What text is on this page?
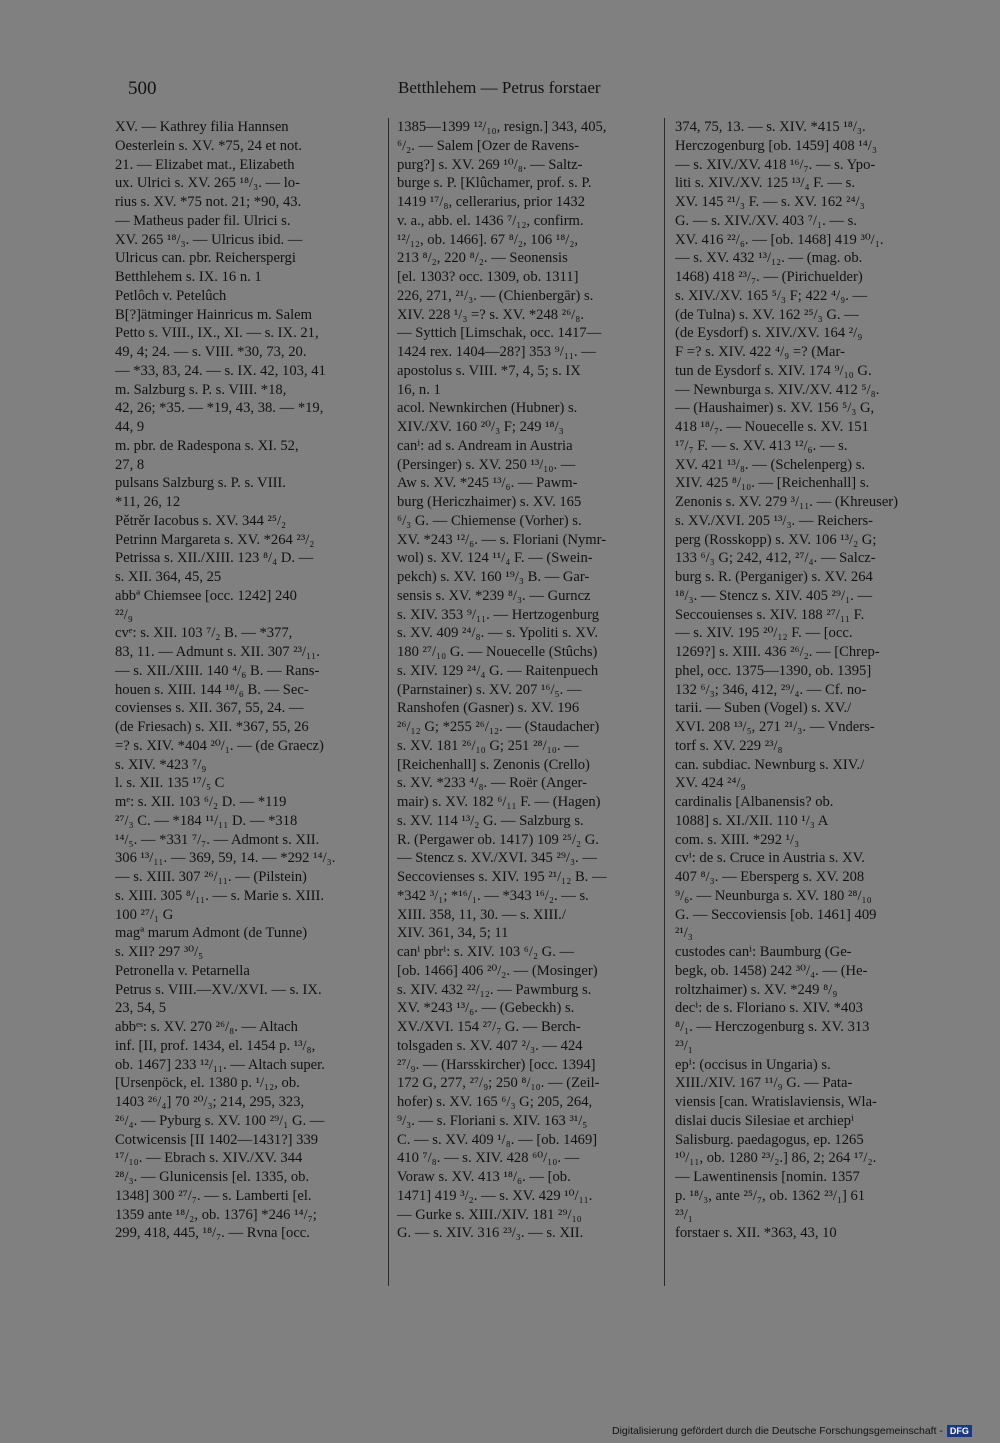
500	Betthlehem — Petrus forstaer
XV. — Kathrey filia Hannsen
Oesterlein s. XV. *75, 24 et not.
21. — Elizabet mat., Elizabeth
ux. Ulrici s. XV. 265 ¹⁸/₃. — lo-
rius s. XV. *75 not. 21; *90, 43.
— Matheus pader fil. Ulrici s.
XV. 265 ¹⁸/₃. — Ulricus ibid. —
Ulricus can. pbr. Reicherspergi
Betthlehem s. IX. 16 n. 1
Petlôch v. Petelûch
B[?]ätminger Hainricus m. Salem
Petto s. VIII., IX., XI. — s. IX. 21,
49, 4; 24. — s. VIII. *30, 73, 20.
— *33, 83, 24. — s. IX. 42, 103, 41
m. Salzburg s. P. s. VIII. *18,
42, 26; *35. — *19, 43, 38. — *19,
44, 9
m. pbr. de Radespona s. XI. 52,
27, 8
pulsans Salzburg s. P. s. VIII.
*11, 26, 12
Pětrěr Iacobus s. XV. 344 ²⁵/₂
Petrinn Margareta s. XV. *264 ²³/₂
Petrissa s. XII./XIII. 123 ⁸/₄ D. —
s. XII. 364, 45, 25
abbª Chiemsee [occ. 1242] 240
²²/₉
cvᵉ: s. XII. 103 ⁷/₂ B. — *377,
83, 11. — Admunt s. XII. 307 ²³/₁₁.
— s. XII./XIII. 140 ⁴/₆ B. — Rans-
houen s. XIII. 144 ¹⁸/₆ B. — Sec-
covienses s. XII. 367, 55, 24. —
(de Friesach) s. XII. *367, 55, 26
=? s. XIV. *404 ²⁰/₁. — (de Graecz)
s. XIV. *423 ⁷/₉
l. s. XII. 135 ¹⁷/₅ C
mᵉ: s. XII. 103 ⁶/₂ D. — *119
²⁷/₃ C. — *184 ¹¹/₁₁ D. — *318
¹⁴/₅. — *331 ⁷/₇. — Admont s. XII.
306 ¹³/₁₁. — 369, 59, 14. — *292 ¹⁴/₃.
— s. XIII. 307 ²⁶/₁₁. — (Pilstein)
s. XIII. 305 ⁸/₁₁. — s. Marie s. XIII.
100 ²⁷/₁ G
magª marum Admont (de Tunne)
s. XII? 297 ³⁰/₅
Petronella v. Petarnella
Petrus s. VIII.—XV./XVI. — s. IX.
23, 54, 5
abbᵉˢ: s. XV. 270 ²⁶/₈. — Altach
inf. [II, prof. 1434, el. 1454 p. ¹³/₈,
ob. 1467] 233 ¹²/₁₁. — Altach super.
[Ursenpöck, el. 1380 p. ¹/₁₂, ob.
1403 ²⁶/₄] 70 ²⁰/₃; 214, 295, 323,
²⁶/₄. — Pyburg s. XV. 100 ²⁹/₁ G. —
Cotwicensis [II 1402—1431?] 339
¹⁷/₁₀. — Ebrach s. XIV./XV. 344
²⁸/₃. — Glunicensis [el. 1335, ob.
1348] 300 ²⁷/₇. — s. Lamberti [el.
1359 ante ¹⁸/₂, ob. 1376] *246 ¹⁴/₇;
299, 418, 445, ¹⁸/₇. — Rvna [occ.
1385—1399 ¹²/₁₀, resign.] 343, 405,
⁶/₂. — Salem [Ozer de Ravens-
purg?] s. XV. 269 ¹⁰/₈. — Saltz-
burge s. P. [Klûchamer, prof. s. P.
1419 ¹⁷/₈, cellerarius, prior 1432
v. a., abb. el. 1436 ⁷/₁₂, confirm.
¹²/₁₂, ob. 1466]. 67 ⁸/₂, 106 ¹⁸/₂,
213 ⁸/₂, 220 ⁸/₂. — Seonensis
[el. 1303? occ. 1309, ob. 1311]
226, 271, ²¹/₃. — (Chienbergār) s.
XIV. 228 ¹/₃ =? s. XV. *248 ²⁶/₈.
— Syttich [Limschak, occ. 1417—
1424 rex. 1404—28?] 353 ⁹/₁₁. —
apostolus s. VIII. *7, 4, 5; s. IX
16, n. 1
acol. Newnkirchen (Hubner) s.
XIV./XV. 160 ²⁰/₃ F; 249 ¹⁸/₃
canⁱ: ad s. Andream in Austria
(Persinger) s. XV. 250 ¹³/₁₀. —
Aw s. XV. *245 ¹³/₆. — Pawm-
burg (Hericzhaimer) s. XV. 165
⁶/₃ G. — Chiemense (Vorher) s.
XV. *243 ¹²/₆. — s. Floriani (Nymr-
wol) s. XV. 124 ¹¹/₄ F. — (Swein-
pekch) s. XV. 160 ¹⁹/₃ B. — Gar-
sensis s. XV. *239 ⁸/₃. — Gurncz
s. XIV. 353 ⁹/₁₁. — Hertzogenburg
s. XV. 409 ²⁴/₈. — s. Ypoliti s. XV.
180 ²⁷/₁₀ G. — Nouecelle (Stûchs)
s. XIV. 129 ²⁴/₄ G. — Raitenpuech
(Parnstainer) s. XV. 207 ¹⁶/₅. —
Ranshofen (Gasner) s. XV. 196
²⁶/₁₂ G; *255 ²⁶/₁₂. — (Staudacher)
s. XV. 181 ²⁶/₁₀ G; 251 ²⁸/₁₀. —
[Reichenhall] s. Zenonis (Crello)
s. XV. *233 ⁴/₈. — Roër (Anger-
mair) s. XV. 182 ⁶/₁₁ F. — (Hagen)
s. XV. 114 ¹³/₂ G. — Salzburg s.
R. (Pergawer ob. 1417) 109 ²⁵/₂ G.
— Stencz s. XV./XVI. 345 ²⁹/₃. —
Seccovienses s. XIV. 195 ²¹/₁₂ B. —
*342 ³/₁; *¹⁶/₁. — *343 ¹⁶/₂. — s.
XIII. 358, 11, 30. — s. XIII./
XIV. 361, 34, 5; 11
canⁱ pbrⁱ: s. XIV. 103 ⁶/₂ G. —
[ob. 1466] 406 ²⁰/₂. — (Mosinger)
s. XIV. 432 ²²/₁₂. — Pawmburg s.
XV. *243 ¹³/₆. — (Gebeckh) s.
XV./XVI. 154 ²⁷/₇ G. — Berch-
tolsgaden s. XV. 407 ²/₃. — 424
²⁷/₉. — (Harsskircher) [occ. 1394]
172 G, 277, ²⁷/₉; 250 ⁸/₁₀. — (Zeil-
hofer) s. XV. 165 ⁶/₃ G; 205, 264,
⁹/₃. — s. Floriani s. XIV. 163 ³¹/₅
C. — s. XV. 409 ¹/₈. — [ob. 1469]
410 ⁷/₈. — s. XIV. 428 ⁶⁰/₁₀. —
Voraw s. XV. 413 ¹⁸/₆. — [ob.
1471] 419 ³/₂. — s. XV. 429 ¹⁰/₁₁.
— Gurke s. XIII./XIV. 181 ²⁹/₁₀
G. — s. XIV. 316 ²³/₃. — s. XII.
374, 75, 13. — s. XIV. *415 ¹⁸/₃.
Herczogenburg [ob. 1459] 408 ¹⁴/₃
— s. XIV./XV. 418 ¹⁶/₇. — s. Ypo-
liti s. XIV./XV. 125 ¹³/₄ F. — s.
XV. 145 ²¹/₃ F. — s. XV. 162 ²⁴/₃
G. — s. XIV./XV. 403 ⁷/₁. — s.
XV. 416 ²²/₆. — [ob. 1468] 419 ³⁰/₁.
— s. XV. 432 ¹³/₁₂. — (mag. ob.
1468) 418 ²³/₇. — (Pirichuelder)
s. XIV./XV. 165 ⁵/₃ F; 422 ⁴/₉. —
(de Tulna) s. XV. 162 ²⁵/₃ G. —
(de Eysdorf) s. XIV./XV. 164 ²/₉
F =? s. XIV. 422 ⁴/₉ =? (Mar-
tun de Eysdorf s. XIV. 174 ⁹/₁₀ G.
— Newnburga s. XIV./XV. 412 ⁵/₈.
— (Haushaimer) s. XV. 156 ⁵/₃ G,
418 ¹⁸/₇. — Nouecelle s. XV. 151
¹⁷/₇ F. — s. XV. 413 ¹²/₆. — s.
XV. 421 ¹³/₈. — (Schelenperg) s.
XIV. 425 ⁸/₁₀. — [Reichenhall] s.
Zenonis s. XV. 279 ³/₁₁. — (Khreuser)
s. XV./XVI. 205 ¹³/₃. — Reichers-
perg (Rosskopp) s. XV. 106 ¹³/₂ G;
133 ⁶/₃ G; 242, 412, ²⁷/₄. — Salcz-
burg s. R. (Perganiger) s. XV. 264
¹⁸/₃. — Stencz s. XIV. 405 ²⁹/₁. —
Seccouienses s. XIV. 188 ²⁷/₁₁ F.
— s. XIV. 195 ²⁰/₁₂ F. — [occ.
1269?] s. XIII. 436 ²⁶/₂. — [Chrep-
phel, occ. 1375—1390, ob. 1395]
132 ⁶/₃; 346, 412, ²⁹/₄. — Cf. no-
tarii. — Suben (Vogel) s. XV./
XVI. 208 ¹³/₅, 271 ²¹/₃. — Vnders-
torf s. XV. 229 ²³/₈
can. subdiac. Newnburg s. XIV./
XV. 424 ²⁴/₉
cardinalis [Albanensis? ob.
1088] s. XI./XII. 110 ¹/₃ A
com. s. XIII. *292 ¹/₃
cvⁱ: de s. Cruce in Austria s. XV.
407 ⁸/₃. — Ebersperg s. XV. 208
⁹/₆. — Neunburga s. XV. 180 ²⁸/₁₀
G. — Seccoviensis [ob. 1461] 409
²¹/₃
custodes canⁱ: Baumburg (Ge-
begk, ob. 1458) 242 ³⁰/₄. — (He-
roltzhaimer) s. XV. *249 ⁸/₉
decⁱ: de s. Floriano s. XIV. *403
⁸/₁. — Herczogenburg s. XV. 313
²³/₁
epⁱ: (occisus in Ungaria) s.
XIII./XIV. 167 ¹¹/₉ G. — Pata-
viensis [can. Wratislaviensis, Wla-
dislai ducis Silesiae et archiepⁱ
Salisburg. paedagogus, ep. 1265
¹⁰/₁₁, ob. 1280 ²³/₂.] 86, 2; 264 ¹⁷/₂.
— Lawentinensis [nomin. 1357
p. ¹⁸/₃, ante ²⁵/₇, ob. 1362 ²³/₁] 61
²³/₁
forstaer s. XII. *363, 43, 10
Digitalisierung gefördert durch die Deutsche Forschungsgemeinschaft - DFG
